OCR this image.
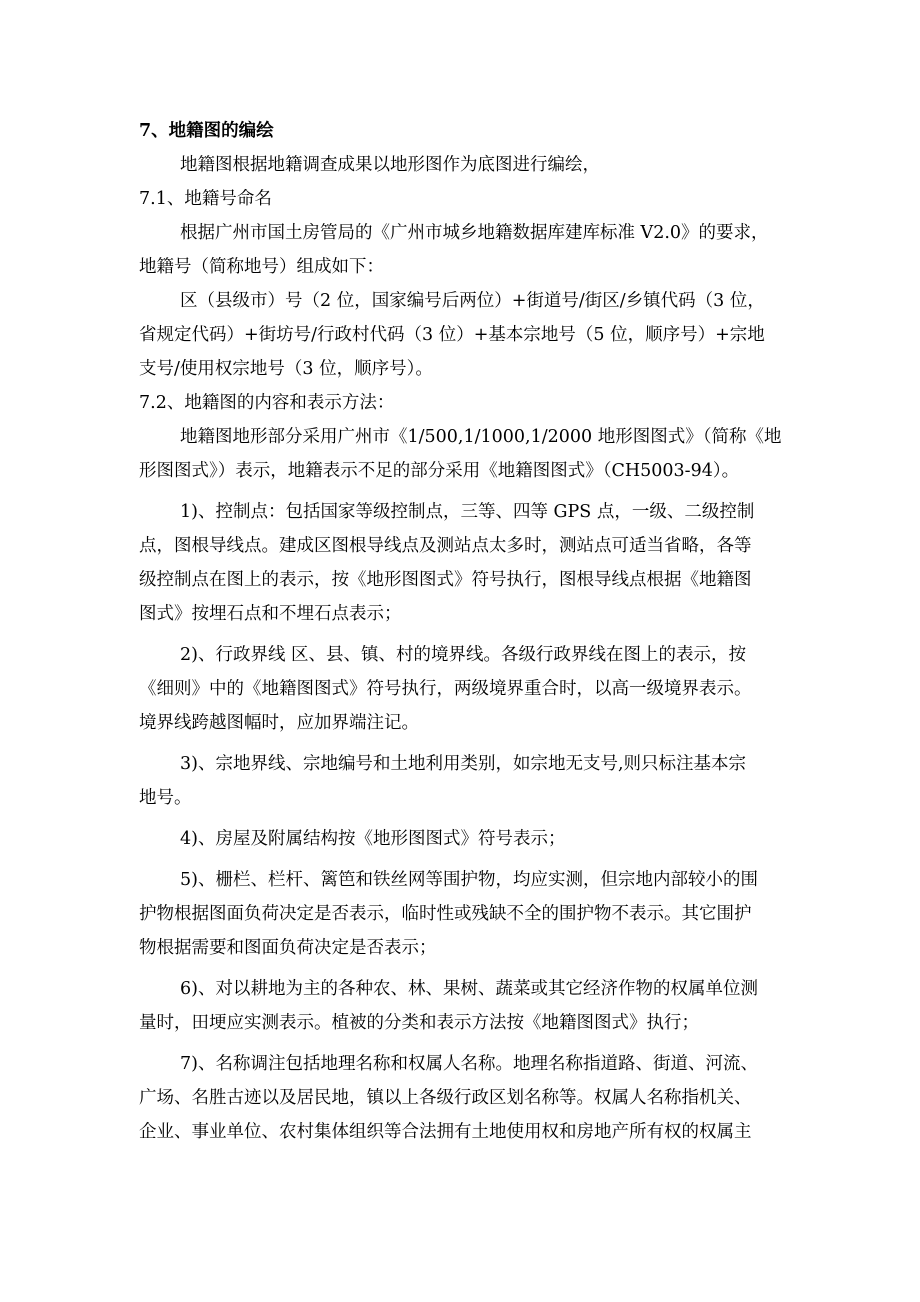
7、地籍图的编绘

地籍图根据地籍调查成果以地形图作为底图进行编绘，

7.1、地籍号命名

根据广州市国土房管局的《广州市城乡地籍数据库建库标准 V2.0》的要求，

地籍号（简称地号）组成如下：

区（县级市）号（2 位，国家编号后两位）+街道号/街区/乡镇代码（3 位，

省规定代码）+街坊号/行政村代码（3 位）+基本宗地号（5 位，顺序号）+宗地

支号/使用权宗地号（3 位，顺序号）。

7.2、地籍图的内容和表示方法：

地籍图地形部分采用广州市《1/500,1/1000,1/2000 地形图图式》（简称《地

形图图式》）表示，地籍表示不足的部分采用《地籍图图式》（CH5003-94）。

1)、控制点：包括国家等级控制点，三等、四等 GPS 点，一级、二级控制

点，图根导线点。建成区图根导线点及测站点太多时，测站点可适当省略，各等

级控制点在图上的表示，按《地形图图式》符号执行，图根导线点根据《地籍图

图式》按埋石点和不埋石点表示；

2)、行政界线 区、县、镇、村的境界线。各级行政界线在图上的表示，按

《细则》中的《地籍图图式》符号执行，两级境界重合时，以高一级境界表示。

境界线跨越图幅时，应加界端注记。

3)、宗地界线、宗地编号和土地利用类别，如宗地无支号,则只标注基本宗

地号。

4)、房屋及附属结构按《地形图图式》符号表示；

5)、栅栏、栏杆、篱笆和铁丝网等围护物，均应实测，但宗地内部较小的围

护物根据图面负荷决定是否表示，临时性或残缺不全的围护物不表示。其它围护

物根据需要和图面负荷决定是否表示；

6)、对以耕地为主的各种农、林、果树、蔬菜或其它经济作物的权属单位测

量时，田埂应实测表示。植被的分类和表示方法按《地籍图图式》执行；

7)、名称调注包括地理名称和权属人名称。地理名称指道路、街道、河流、

广场、名胜古迹以及居民地，镇以上各级行政区划名称等。权属人名称指机关、

企业、事业单位、农村集体组织等合法拥有土地使用权和房地产所有权的权属主
